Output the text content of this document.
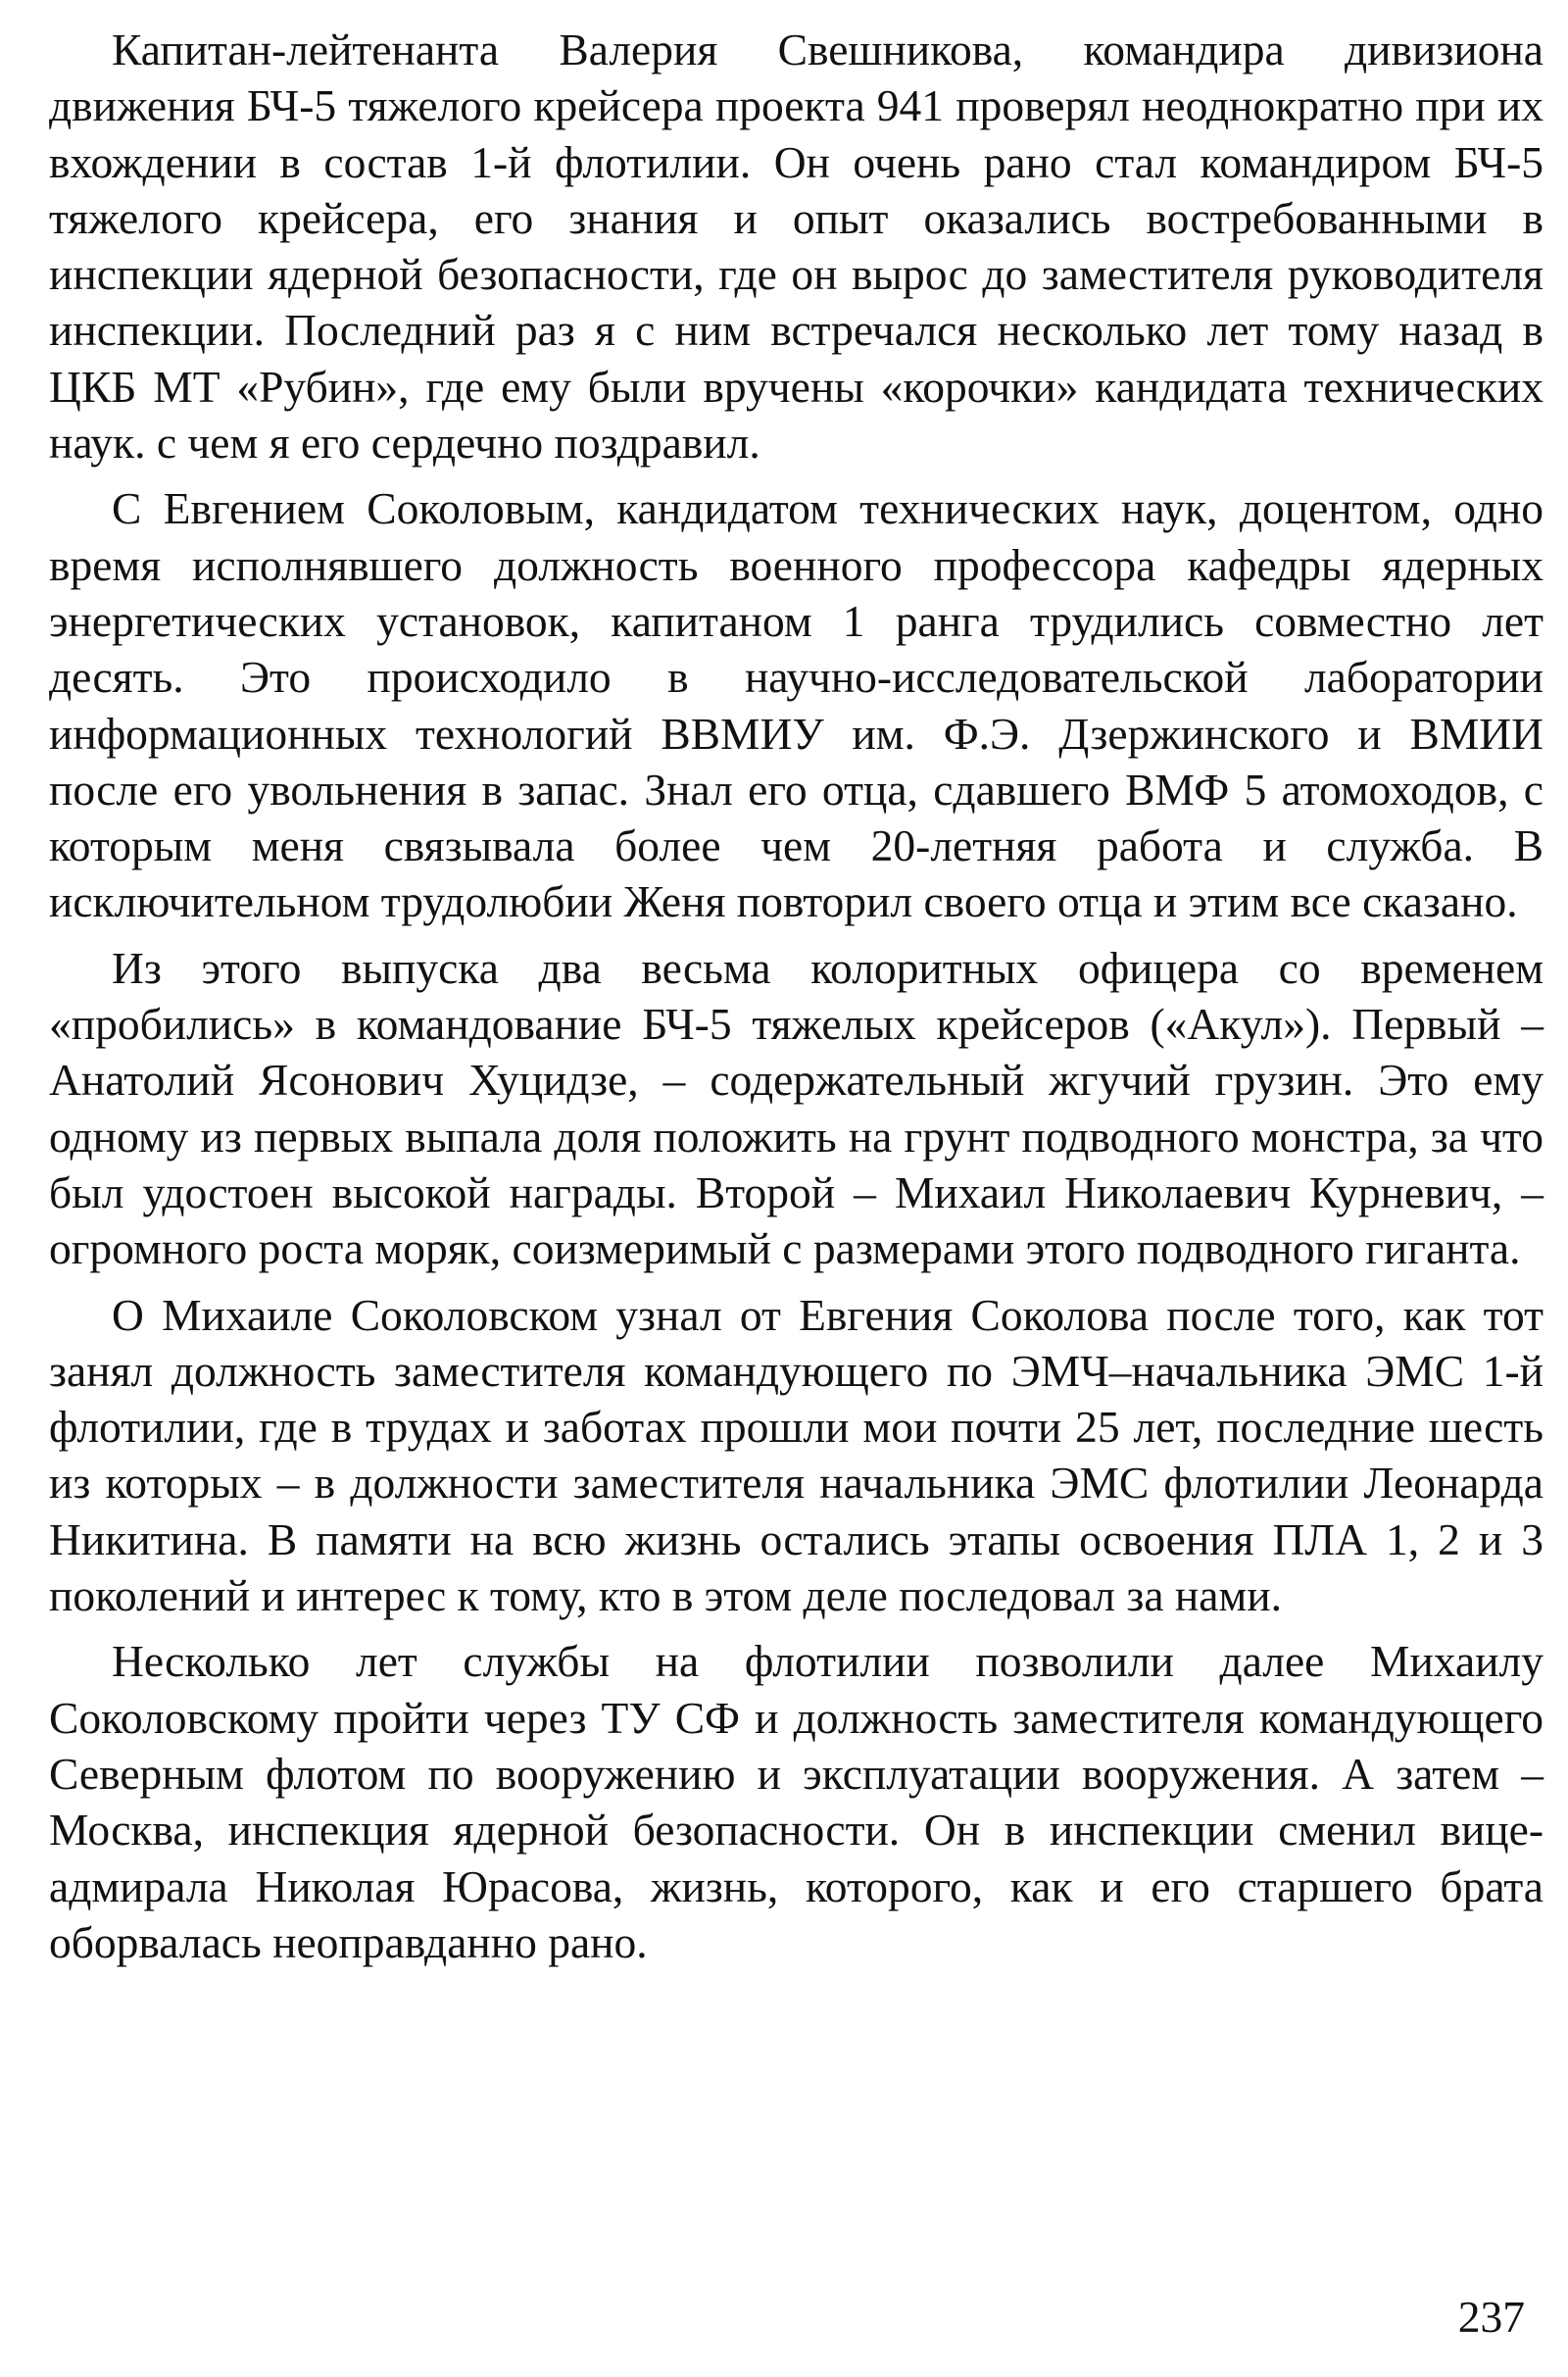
Капитан-лейтенанта Валерия Свешникова, командира дивизиона движения БЧ-5 тяжелого крейсера проекта 941 проверял неоднократно при их вхождении в состав 1-й флотилии. Он очень рано стал командиром БЧ-5 тяжелого крейсера, его знания и опыт оказались востребованными в инспекции ядерной безопасности, где он вырос до заместителя руководителя инспекции. Последний раз я с ним встречался несколько лет тому назад в ЦКБ МТ «Рубин», где ему были вручены «корочки» кандидата технических наук. с чем я его сердечно поздравил.

С Евгением Соколовым, кандидатом технических наук, доцентом, одно время исполнявшего должность военного профессора кафедры ядерных энергетических установок, капитаном 1 ранга трудились совместно лет десять. Это происходило в научно-исследовательской лаборатории информационных технологий ВВМИУ им. Ф.Э. Дзержинского и ВМИИ после его увольнения в запас. Знал его отца, сдавшего ВМФ 5 атомоходов, с которым меня связывала более чем 20-летняя работа и служба. В исключительном трудолюбии Женя повторил своего отца и этим все сказано.

Из этого выпуска два весьма колоритных офицера со временем «пробились» в командование БЧ-5 тяжелых крейсеров («Акул»). Первый – Анатолий Ясонович Хуцидзе, – содержательный жгучий грузин. Это ему одному из первых выпала доля положить на грунт подводного монстра, за что был удостоен высокой награды. Второй – Михаил Николаевич Курневич, – огромного роста моряк, соизмеримый с размерами этого подводного гиганта.

О Михаиле Соколовском узнал от Евгения Соколова после того, как тот занял должность заместителя командующего по ЭМЧ–начальника ЭМС 1-й флотилии, где в трудах и заботах прошли мои почти 25 лет, последние шесть из которых – в должности заместителя начальника ЭМС флотилии Леонарда Никитина. В памяти на всю жизнь остались этапы освоения ПЛА 1, 2 и 3 поколений и интерес к тому, кто в этом деле последовал за нами.

Несколько лет службы на флотилии позволили далее Михаилу Соколовскому пройти через ТУ СФ и должность заместителя командующего Северным флотом по вооружению и эксплуатации вооружения. А затем – Москва, инспекция ядерной безопасности. Он в инспекции сменил вице-адмирала Николая Юрасова, жизнь, которого, как и его старшего брата оборвалась неоправданно рано.

237
